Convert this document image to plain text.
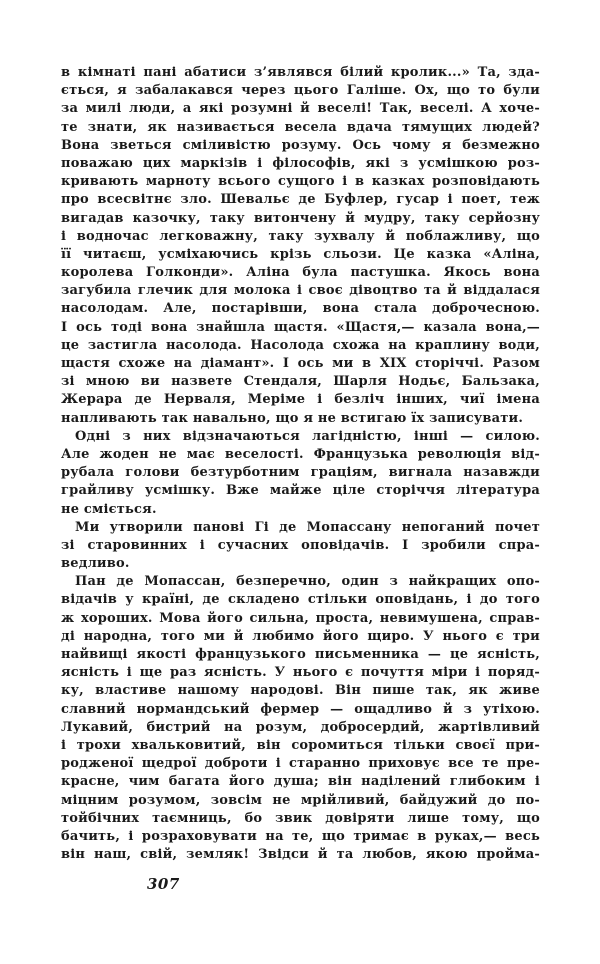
в кімнаті пані абатиси з’являвся білий кролик...» Та, зда-
ється, я забалакався через цього Галіше. Ох, що то були
за милі люди, а які розумні й веселі! Так, веселі. А хоче-
те знати, як називається весела вдача тямущих людей?
Вона зветься сміливістю розуму. Ось чому я безмежно
поважаю цих маркізів і філософів, які з усмішкою роз-
кривають марноту всього сущого і в казках розповідають
про всесвітнє зло. Шевальє де Буфлер, гусар і поет, теж
вигадав казочку, таку витончену й мудру, таку серйозну
і водночас легковажну, таку зухвалу й поблажливу, що
її читаєш, усміхаючись крізь сльози. Це казка «Аліна,
королева Голконди». Аліна була пастушка. Якось вона
загубила глечик для молока і своє дівоцтво та й віддалася
насолодам. Але, постарівши, вона стала доброчесною.
І ось тоді вона знайшла щастя. «Щастя,— казала вона,—
це застигла насолода. Насолода схожа на краплину води,
щастя схоже на діамант». І ось ми в XIX сторіччі. Разом
зі мною ви назвете Стендаля, Шарля Нодьє, Бальзака,
Жерара де Нерваля, Меріме і безліч інших, чиї імена
напливають так навально, що я не встигаю їх записувати.
Одні з них відзначаються лагідністю, інші — силою.
Але жоден не має веселості. Французька революція від-
рубала голови безтурботним граціям, вигнала назавжди
грайливу усмішку. Вже майже ціле сторіччя література
не сміється.
Ми утворили панові Гі де Мопассану непоганий почет
зі старовинних і сучасних оповідачів. І зробили спра-
ведливо.
Пан де Мопассан, безперечно, один з найкращих опо-
відачів у країні, де складено стільки оповідань, і до того
ж хороших. Мова його сильна, проста, невимушена, справ-
ді народна, того ми й любимо його щиро. У нього є три
найвищі якості французького письменника — це ясність,
ясність і ще раз ясність. У нього є почуття міри і поряд-
ку, властиве нашому народові. Він пише так, як живе
славний нормандський фермер — ощадливо й з утіхою.
Лукавий, бистрий на розум, добросердий, жартівливий
і трохи хвальковитий, він соромиться тільки своєї при-
родженої щедрої доброти і старанно приховує все те пре-
красне, чим багата його душа; він наділений глибоким і
міцним розумом, зовсім не мрійливий, байдужий до по-
тойбічних таємниць, бо звик довіряти лише тому, що
бачить, і розраховувати на те, що тримає в руках,— весь
він наш, свій, земляк! Звідси й та любов, якою пройма-
307
